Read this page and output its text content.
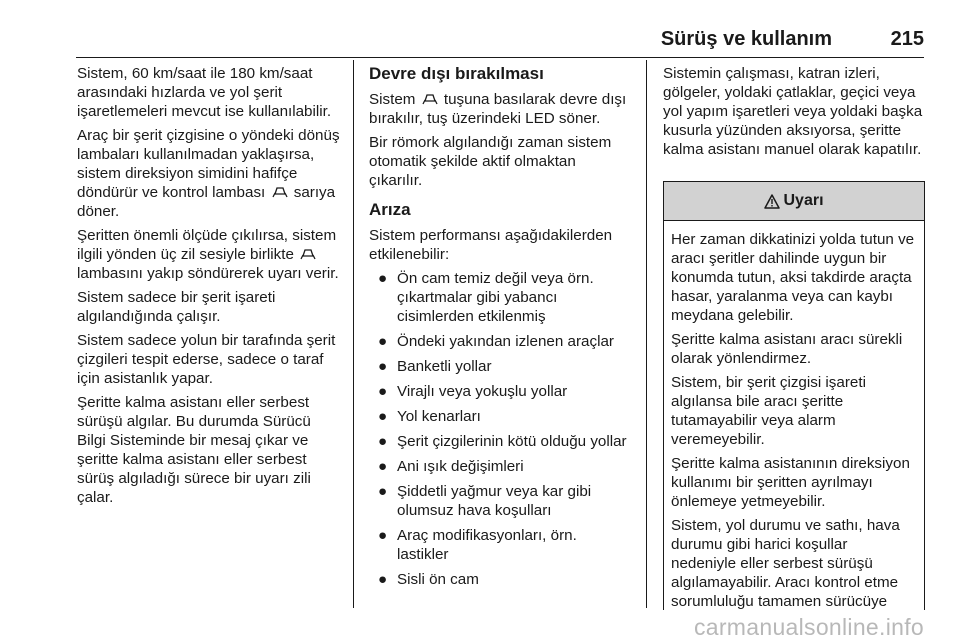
Sürüş ve kullanım	215

Sistem, 60 km/saat ile 180 km/saat arasındaki hızlarda ve yol şerit işaretlemeleri mevcut ise kullanılabilir.

Araç bir şerit çizgisine o yöndeki dönüş lambaları kullanılmadan yaklaşırsa, sistem direksiyon simidini hafifçe döndürür ve kontrol lambası sarıya döner.

Şeritten önemli ölçüde çıkılırsa, sistem ilgili yönden üç zil sesiyle birlikte  lambasını yakıp söndürerek uyarı verir.

Sistem sadece bir şerit işareti algılandığında çalışır.

Sistem sadece yolun bir tarafında şerit çizgileri tespit ederse, sadece o taraf için asistanlık yapar.

Şeritte kalma asistanı eller serbest sürüşü algılar. Bu durumda Sürücü Bilgi Sisteminde bir mesaj çıkar ve şeritte kalma asistanı eller serbest sürüş algıladığı sürece bir uyarı zili çalar.

Devre dışı bırakılması

Sistem tuşuna basılarak devre dışı bırakılır, tuş üzerindeki LED söner.

Bir römork algılandığı zaman sistem otomatik şekilde aktif olmaktan çıkarılır.

Arıza

Sistem performansı aşağıdakilerden etkilenebilir:

● Ön cam temiz değil veya örn. çıkartmalar gibi yabancı cisimlerden etkilenmiş
● Öndeki yakından izlenen araçlar
● Banketli yollar
● Virajlı veya yokuşlu yollar
● Yol kenarları
● Şerit çizgilerinin kötü olduğu yollar
● Ani ışık değişimleri
● Şiddetli yağmur veya kar gibi olumsuz hava koşulları
● Araç modifikasyonları, örn. lastikler
● Sisli ön cam

Sistemin çalışması, katran izleri, gölgeler, yoldaki çatlaklar, geçici veya yol yapım işaretleri veya yoldaki başka kusurla yüzünden aksıyorsa, şeritte kalma asistanı manuel olarak kapatılır.

Uyarı

Her zaman dikkatinizi yolda tutun ve aracı şeritler dahilinde uygun bir konumda tutun, aksi takdirde araçta hasar, yaralanma veya can kaybı meydana gelebilir.

Şeritte kalma asistanı aracı sürekli olarak yönlendirmez.

Sistem, bir şerit çizgisi işareti algılansa bile aracı şeritte tutamayabilir veya alarm veremeyebilir.

Şeritte kalma asistanının direksiyon kullanımı bir şeritten ayrılmayı önlemeye yetmeyebilir.

Sistem, yol durumu ve sathı, hava durumu gibi harici koşullar nedeniyle eller serbest sürüşü algılamayabilir. Aracı kontrol etme sorumluluğu tamamen sürücüye

carmanualsonline.info
